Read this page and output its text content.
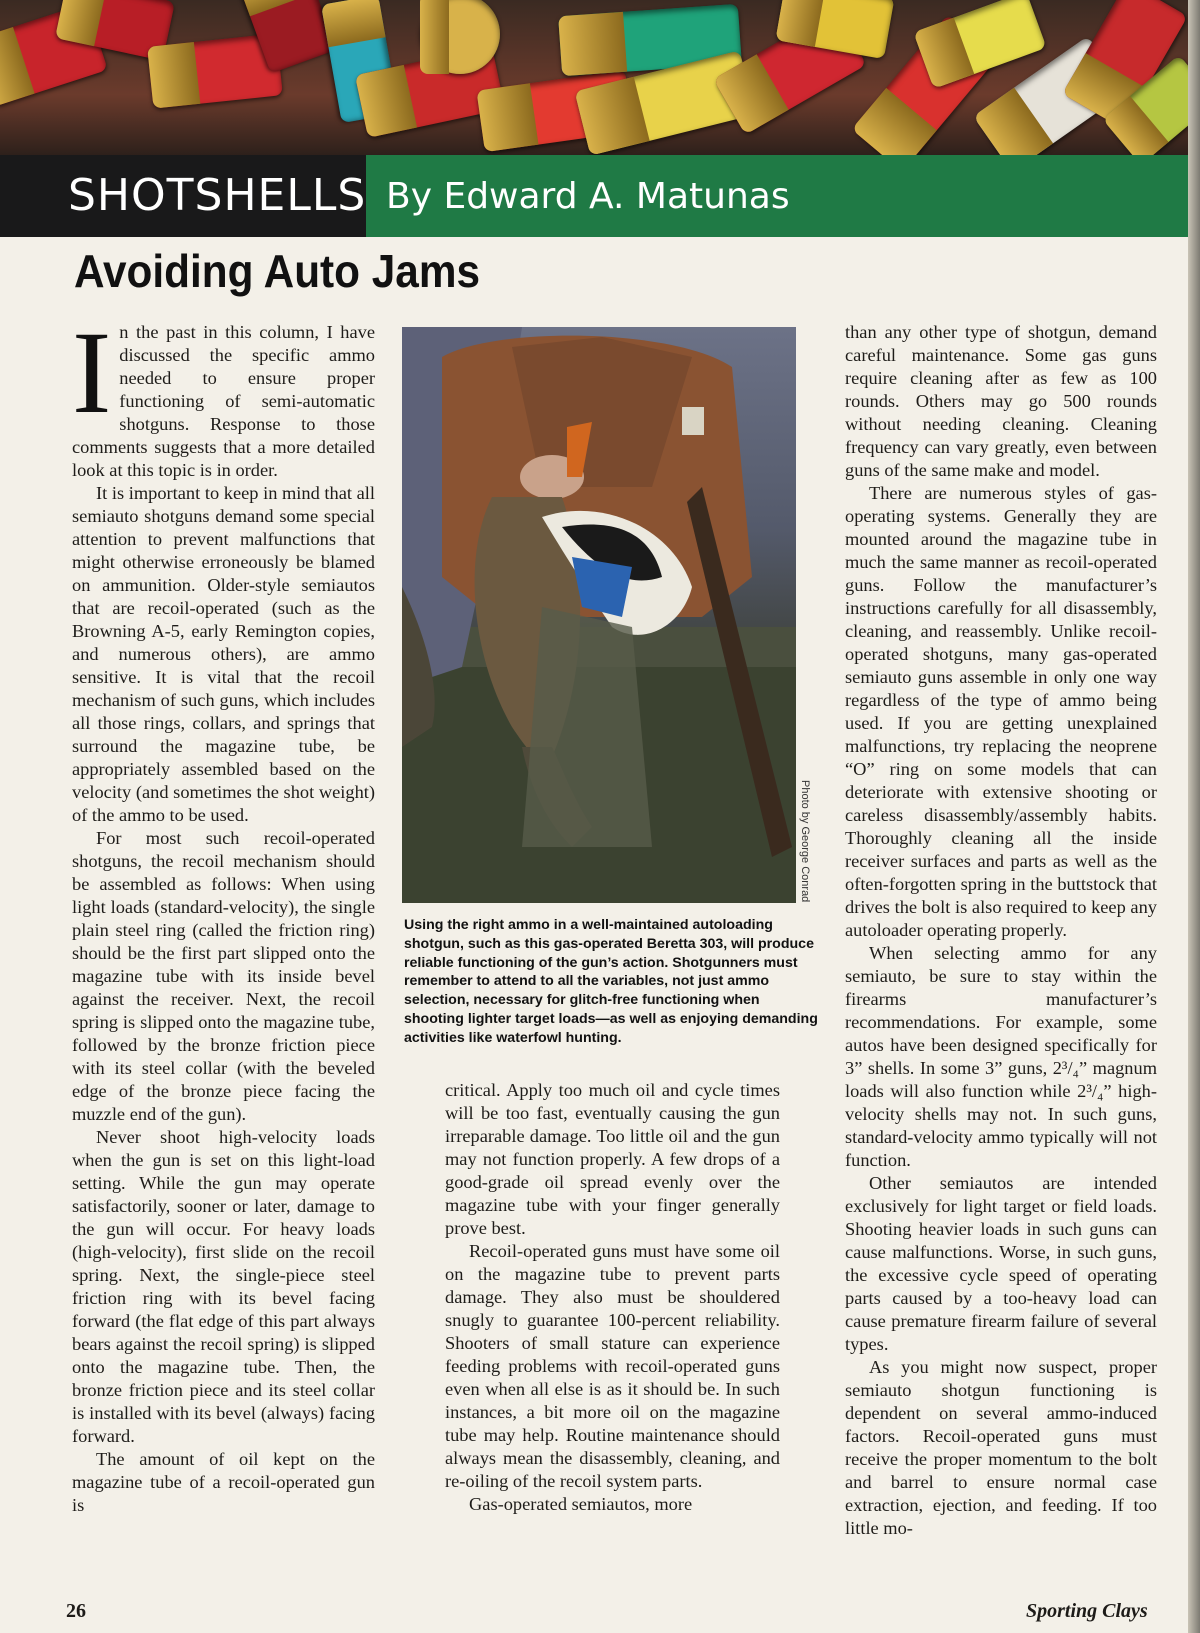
SHOTSHELLS By Edward A. Matunas
Avoiding Auto Jams

In the past in this column, I have discussed the specific ammo needed to ensure proper functioning of semi-automatic shotguns. Response to those comments suggests that a more detailed look at this topic is in order.

It is important to keep in mind that all semiauto shotguns demand some special attention to prevent malfunctions that might otherwise erroneously be blamed on ammunition. Older-style semiautos that are recoil-operated (such as the Browning A-5, early Remington copies, and numerous others), are ammo sensitive. It is vital that the recoil mechanism of such guns, which includes all those rings, collars, and springs that surround the magazine tube, be appropriately assembled based on the velocity (and sometimes the shot weight) of the ammo to be used.

For most such recoil-operated shotguns, the recoil mechanism should be assembled as follows: When using light loads (standard-velocity), the single plain steel ring (called the friction ring) should be the first part slipped onto the magazine tube with its inside bevel against the receiver. Next, the recoil spring is slipped onto the magazine tube, followed by the bronze friction piece with its steel collar (with the beveled edge of the bronze piece facing the muzzle end of the gun).

Never shoot high-velocity loads when the gun is set on this light-load setting. While the gun may operate satisfactorily, sooner or later, damage to the gun will occur. For heavy loads (high-velocity), first slide on the recoil spring. Next, the single-piece steel friction ring with its bevel facing forward (the flat edge of this part always bears against the recoil spring) is slipped onto the magazine tube. Then, the bronze friction piece and its steel collar is installed with its bevel (always) facing forward.

The amount of oil kept on the magazine tube of a recoil-operated gun is

Photo by George Conrad
Using the right ammo in a well-maintained autoloading shotgun, such as this gas-operated Beretta 303, will produce reliable functioning of the gun’s action. Shotgunners must remember to attend to all the variables, not just ammo selection, necessary for glitch-free functioning when shooting lighter target loads—as well as enjoying demanding activities like waterfowl hunting.

critical. Apply too much oil and cycle times will be too fast, eventually causing the gun irreparable damage. Too little oil and the gun may not function properly. A few drops of a good-grade oil spread evenly over the magazine tube with your finger generally prove best.

Recoil-operated guns must have some oil on the magazine tube to prevent parts damage. They also must be shouldered snugly to guarantee 100-percent reliability. Shooters of small stature can experience feeding problems with recoil-operated guns even when all else is as it should be. In such instances, a bit more oil on the magazine tube may help. Routine maintenance should always mean the disassembly, cleaning, and re-oiling of the recoil system parts.

Gas-operated semiautos, more

than any other type of shotgun, demand careful maintenance. Some gas guns require cleaning after as few as 100 rounds. Others may go 500 rounds without needing cleaning. Cleaning frequency can vary greatly, even between guns of the same make and model.

There are numerous styles of gas-operating systems. Generally they are mounted around the magazine tube in much the same manner as recoil-operated guns. Follow the manufacturer’s instructions carefully for all disassembly, cleaning, and reassembly. Unlike recoil-operated shotguns, many gas-operated semiauto guns assemble in only one way regardless of the type of ammo being used. If you are getting unexplained malfunctions, try replacing the neoprene “O” ring on some models that can deteriorate with extensive shooting or careless disassembly/assembly habits. Thoroughly cleaning all the inside receiver surfaces and parts as well as the often-forgotten spring in the buttstock that drives the bolt is also required to keep any autoloader operating properly.

When selecting ammo for any semiauto, be sure to stay within the firearms manufacturer’s recommendations. For example, some autos have been designed specifically for 3” shells. In some 3” guns, 2³/₄” magnum loads will also function while 2³/₄” high-velocity shells may not. In such guns, standard-velocity ammo typically will not function.

Other semiautos are intended exclusively for light target or field loads. Shooting heavier loads in such guns can cause malfunctions. Worse, in such guns, the excessive cycle speed of operating parts caused by a too-heavy load can cause premature firearm failure of several types.

As you might now suspect, proper semiauto shotgun functioning is dependent on several ammo-induced factors. Recoil-operated guns must receive the proper momentum to the bolt and barrel to ensure normal case extraction, ejection, and feeding. If too little mo-

26	Sporting Clays
